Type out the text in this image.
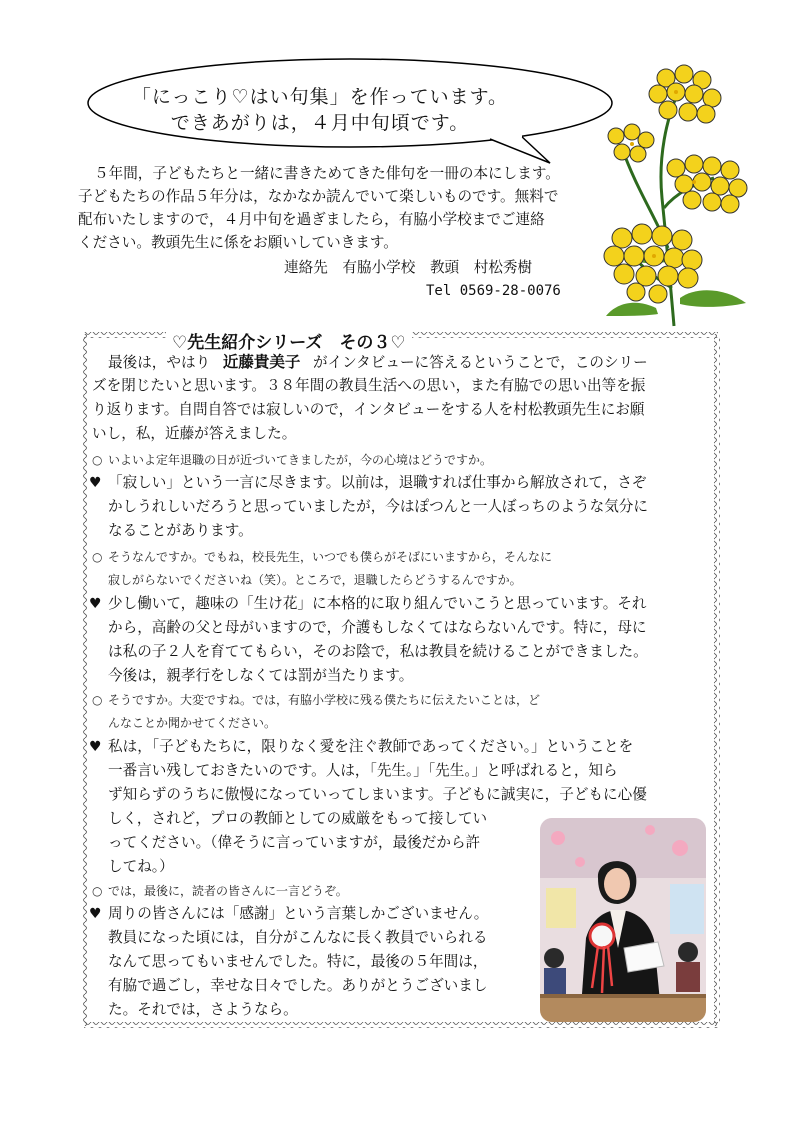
「にっこり♡はい句集」を作っています。
できあがりは，４月中旬頃です。
５年間，子どもたちと一緒に書きためてきた俳句を一冊の本にします。
子どもたちの作品５年分は，なかなか読んでいて楽しいものです。無料で
配布いたしますので，４月中旬を過ぎましたら，有脇小学校までご連絡
ください。教頭先生に係をお願いしていきます。
連絡先　有脇小学校　教頭　村松秀樹
Tel 0569-28-0076
♡先生紹介シリーズ　その３♡
最後は，やはり 近藤貴美子 がインタビューに答えるということで，このシリー
ズを閉じたいと思います。３８年間の教員生活への思い，また有脇での思い出等を振
り返ります。自問自答では寂しいので，インタビューをする人を村松教頭先生にお願
いし，私，近藤が答えました。
○ いよいよ定年退職の日が近づいてきましたが，今の心境はどうですか。
♥ 「寂しい」という一言に尽きます。以前は，退職すれば仕事から解放されて，さぞ
かしうれしいだろうと思っていましたが，今はぽつんと一人ぼっちのような気分に
なることがあります。
○ そうなんですか。でもね，校長先生，いつでも僕らがそばにいますから，そんなに
寂しがらないでくださいね（笑）。ところで，退職したらどうするんですか。
♥ 少し働いて，趣味の「生け花」に本格的に取り組んでいこうと思っています。それ
から，高齢の父と母がいますので，介護もしなくてはならないんです。特に，母に
は私の子２人を育ててもらい，そのお陰で，私は教員を続けることができました。
今後は，親孝行をしなくては罰が当たります。
○ そうですか。大変ですね。では，有脇小学校に残る僕たちに伝えたいことは，ど
んなことか聞かせてください。
♥ 私は，「子どもたちに，限りなく愛を注ぐ教師であってください。」ということを
一番言い残しておきたいのです。人は，「先生。」「先生。」と呼ばれると，知ら
ず知らずのうちに傲慢になっていってしまいます。子どもに誠実に，子どもに心優
しく，されど，プロの教師としての威厳をもって接してい
ってください。（偉そうに言っていますが，最後だから許
してね。）
○ では，最後に，読者の皆さんに一言どうぞ。
♥ 周りの皆さんには「感謝」という言葉しかございません。
教員になった頃には，自分がこんなに長く教員でいられる
なんて思ってもいませんでした。特に，最後の５年間は，
有脇で過ごし，幸せな日々でした。ありがとうございまし
た。それでは，さようなら。
